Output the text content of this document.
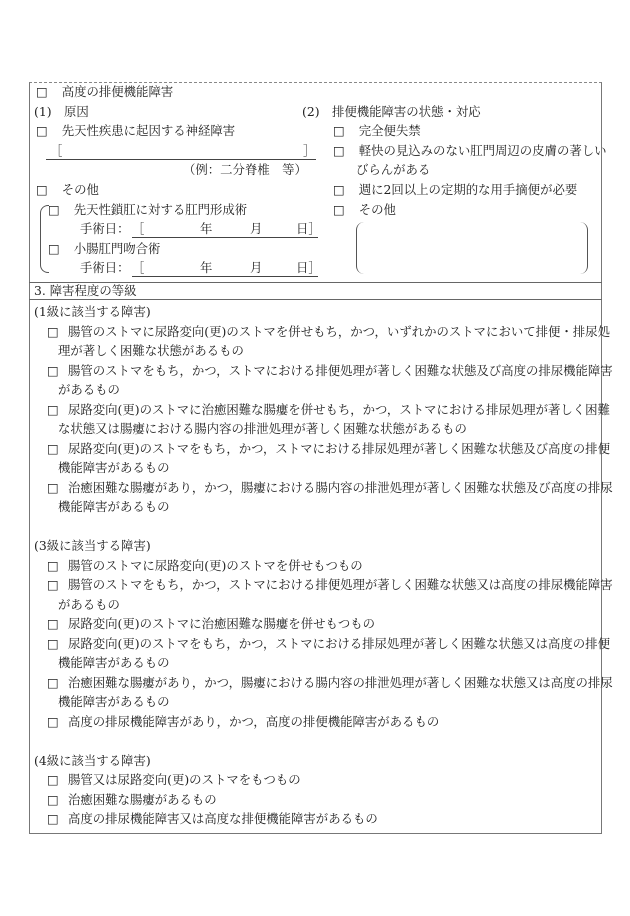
□ 高度の排便機能障害
(1)　原因
□ 先天性疾患に起因する神経障害
［	］
（例：二分脊椎　等）
□ その他
□ 先天性鎖肛に対する肛門形成術
手術日： ［	年	月	日］
□ 小腸肛門吻合術
手術日： ［	年	月	日］
(2)　排便機能障害の状態・対応
□ 完全便失禁
□ 軽快の見込みのない肛門周辺の皮膚の著しい
びらんがある
□ 週に2回以上の定期的な用手摘便が必要
□ その他
3. 障害程度の等級
(1級に該当する障害)
□ 腸管のストマに尿路変向(更)のストマを併せもち，かつ，いずれかのストマにおいて排便・排尿処
理が著しく困難な状態があるもの
□ 腸管のストマをもち，かつ，ストマにおける排便処理が著しく困難な状態及び高度の排尿機能障害
があるもの
□ 尿路変向(更)のストマに治癒困難な腸瘻を併せもち，かつ，ストマにおける排尿処理が著しく困難
な状態又は腸瘻における腸内容の排泄処理が著しく困難な状態があるもの
□ 尿路変向(更)のストマをもち，かつ，ストマにおける排尿処理が著しく困難な状態及び高度の排便
機能障害があるもの
□ 治癒困難な腸瘻があり，かつ，腸瘻における腸内容の排泄処理が著しく困難な状態及び高度の排尿
機能障害があるもの
(3級に該当する障害)
□ 腸管のストマに尿路変向(更)のストマを併せもつもの
□ 腸管のストマをもち，かつ，ストマにおける排便処理が著しく困難な状態又は高度の排尿機能障害
があるもの
□ 尿路変向(更)のストマに治癒困難な腸瘻を併せもつもの
□ 尿路変向(更)のストマをもち，かつ，ストマにおける排尿処理が著しく困難な状態又は高度の排便
機能障害があるもの
□ 治癒困難な腸瘻があり，かつ，腸瘻における腸内容の排泄処理が著しく困難な状態又は高度の排尿
機能障害があるもの
□ 高度の排尿機能障害があり，かつ，高度の排便機能障害があるもの
(4級に該当する障害)
□ 腸管又は尿路変向(更)のストマをもつもの
□ 治癒困難な腸瘻があるもの
□ 高度の排尿機能障害又は高度な排便機能障害があるもの
